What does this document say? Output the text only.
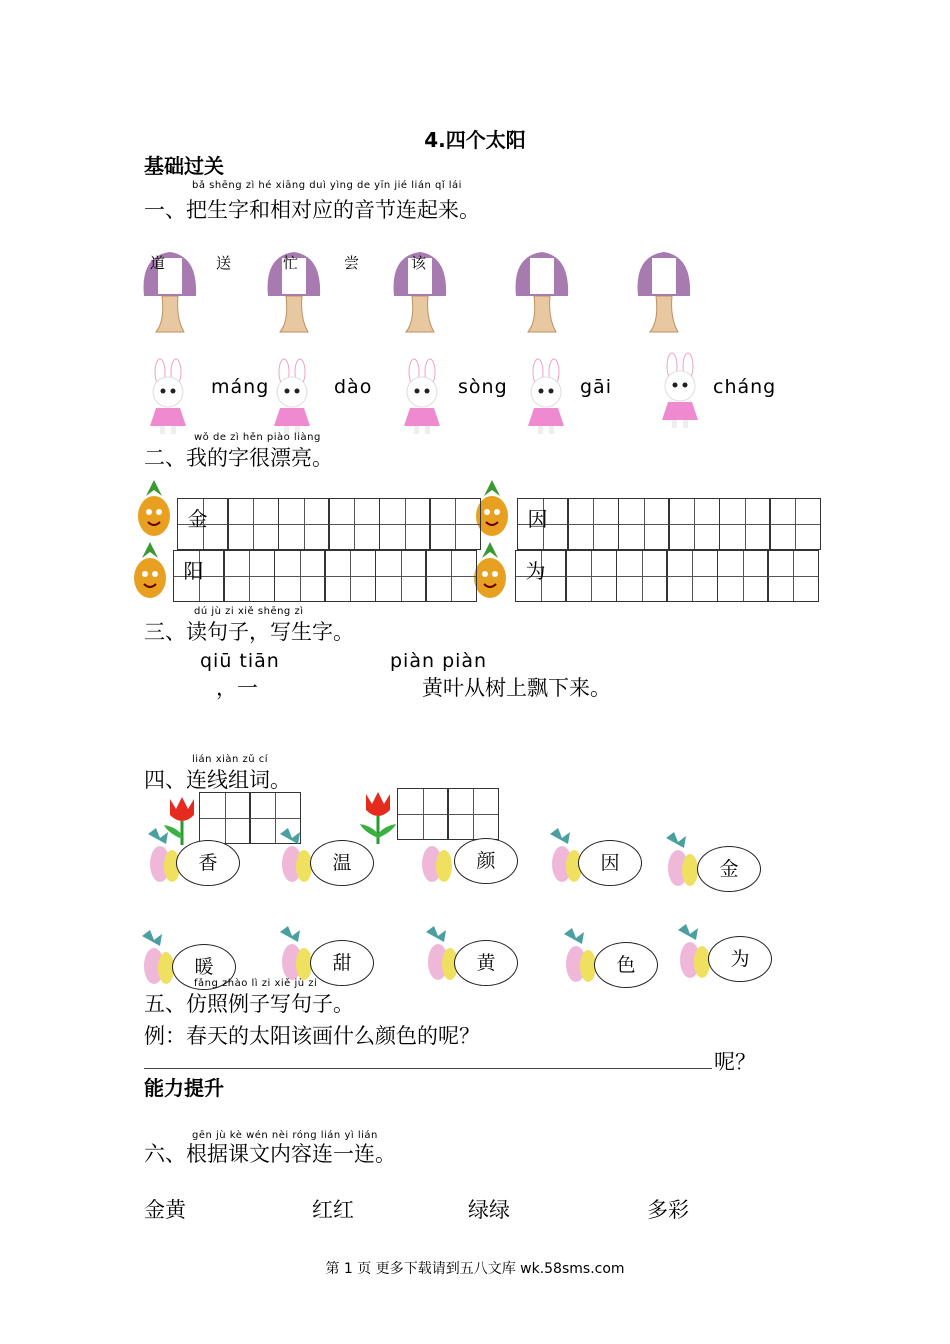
4.四个太阳
基础过关
bǎ shēng zì hé xiāng duì yìng de yīn jié lián qǐ lái
一、把生字和相对应的音节连起来。
道	送	忙	尝	该
máng	dào	sòng	gāi	cháng
wǒ de zì hěn piào liàng
二、我的字很漂亮。
金	因
阳	为
dú jù zi xiě shēng zì
三、读句子，写生字。
qiū tiān	piàn piàn
，一	黄叶从树上飘下来。
lián xiàn zǔ cí
四、连线组词。
香	温	颜	因	金
暖	甜	黄	色	为
fǎng zhào lì zi xiě jù zi
五、仿照例子写句子。
例：春天的太阳该画什么颜色的呢？
呢？
能力提升
gēn jù kè wén nèi róng lián yì lián
六、根据课文内容连一连。
金黄	红红	绿绿	多彩
第 1 页 更多下载请到五八文库 wk.58sms.com
